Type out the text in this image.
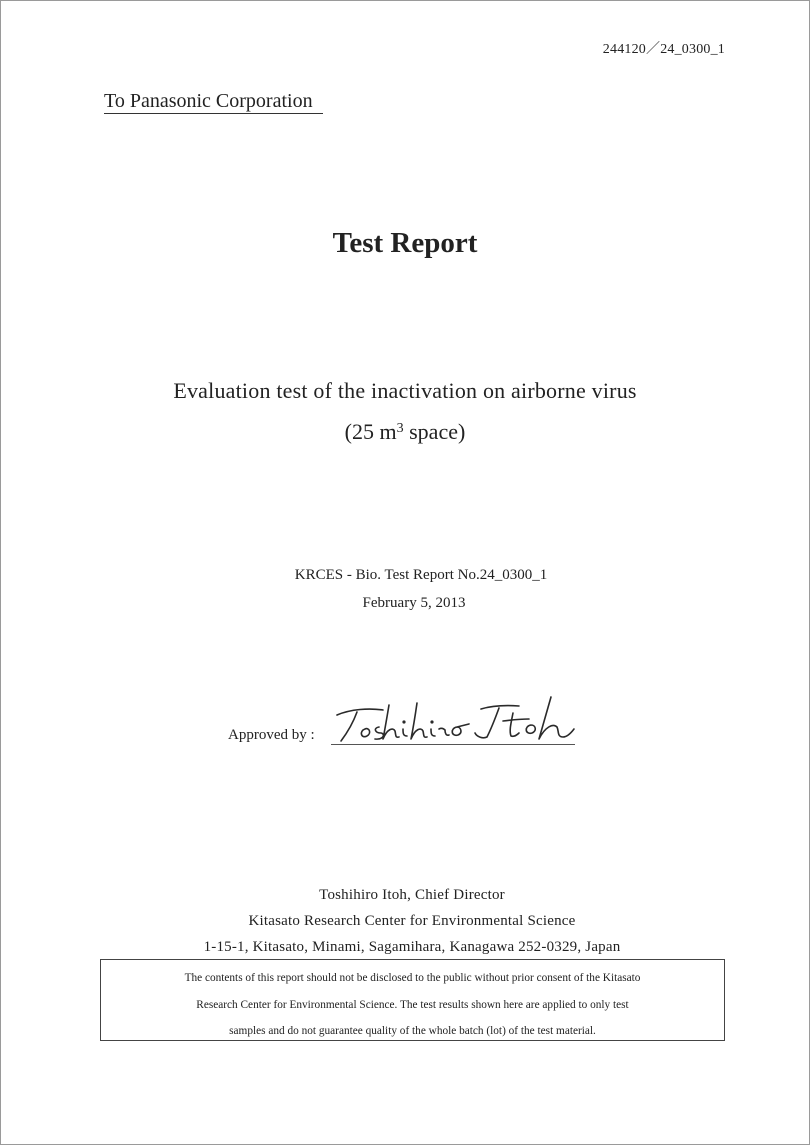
244120／24_0300_1
To Panasonic Corporation
Test Report
Evaluation test of the inactivation on airborne virus
(25 $m^3$ space)
KRCES - Bio. Test Report No.24_0300_1
February 5, 2013
Approved by :
Toshihiro Itoh, Chief Director
Kitasato Research Center for Environmental Science
1-15-1, Kitasato, Minami, Sagamihara, Kanagawa 252-0329, Japan
The contents of this report should not be disclosed to the public without prior consent of the Kitasato
Research Center for Environmental Science. The test results shown here are applied to only test
samples and do not guarantee quality of the whole batch (lot) of the test material.
